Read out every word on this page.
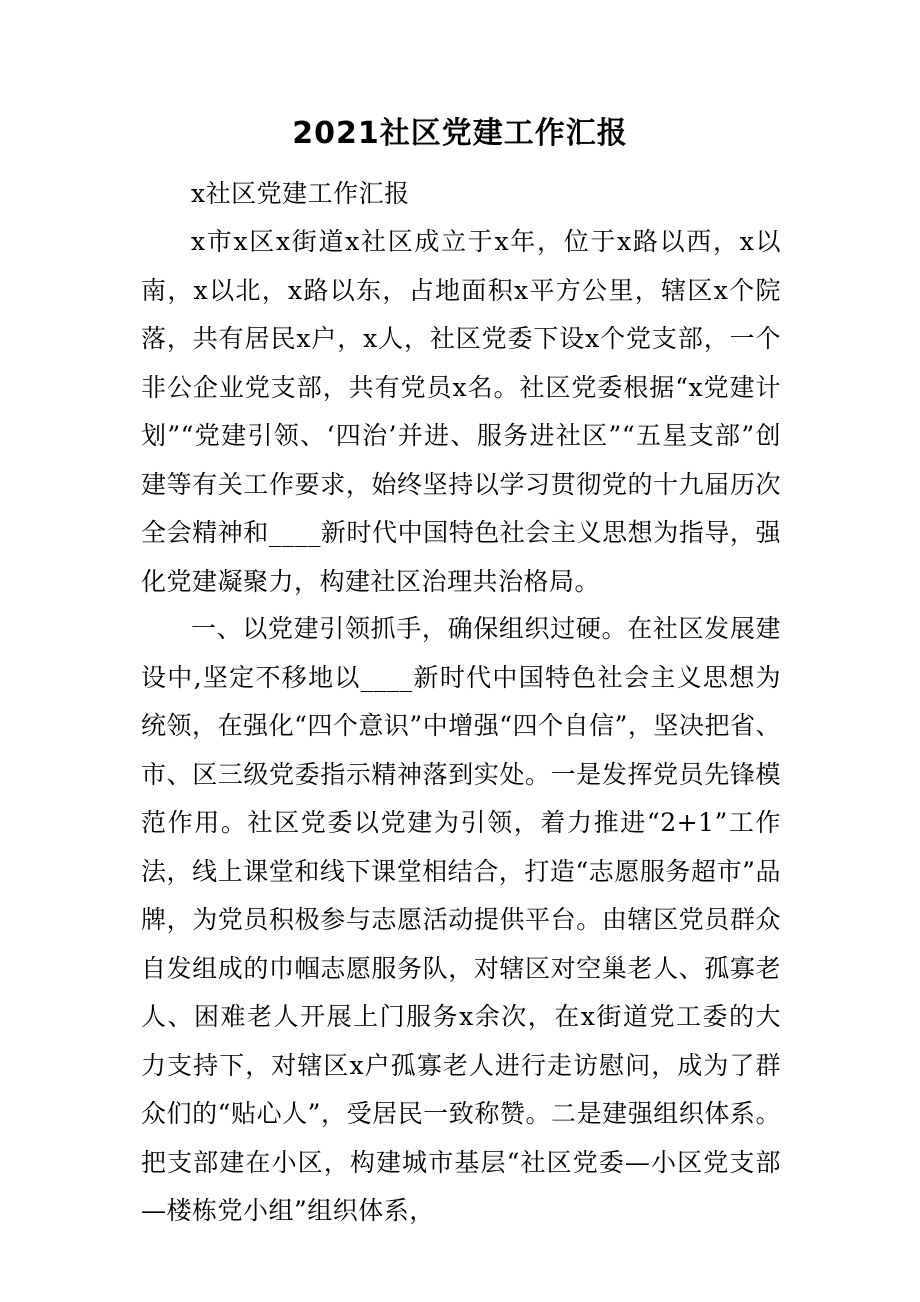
2021社区党建工作汇报

x社区党建工作汇报

x市x区x街道x社区成立于x年，位于x路以西，x以南，x以北，x路以东，占地面积x平方公里，辖区x个院落，共有居民x户，x人，社区党委下设x个党支部，一个非公企业党支部，共有党员x名。社区党委根据“x党建计划”“党建引领、‘四治’并进、服务进社区”“五星支部”创建等有关工作要求，始终坚持以学习贯彻党的十九届历次全会精神和____新时代中国特色社会主义思想为指导，强化党建凝聚力，构建社区治理共治格局。

一、以党建引领抓手，确保组织过硬。在社区发展建设中,坚定不移地以____新时代中国特色社会主义思想为统领，在强化“四个意识”中增强“四个自信”，坚决把省、市、区三级党委指示精神落到实处。一是发挥党员先锋模范作用。社区党委以党建为引领，着力推进“2+1”工作法，线上课堂和线下课堂相结合，打造“志愿服务超市”品牌，为党员积极参与志愿活动提供平台。由辖区党员群众自发组成的巾帼志愿服务队，对辖区对空巢老人、孤寡老人、困难老人开展上门服务x余次，在x街道党工委的大力支持下，对辖区x户孤寡老人进行走访慰问，成为了群众们的“贴心人”，受居民一致称赞。二是建强组织体系。把支部建在小区，构建城市基层“社区党委—小区党支部—楼栋党小组”组织体系，
